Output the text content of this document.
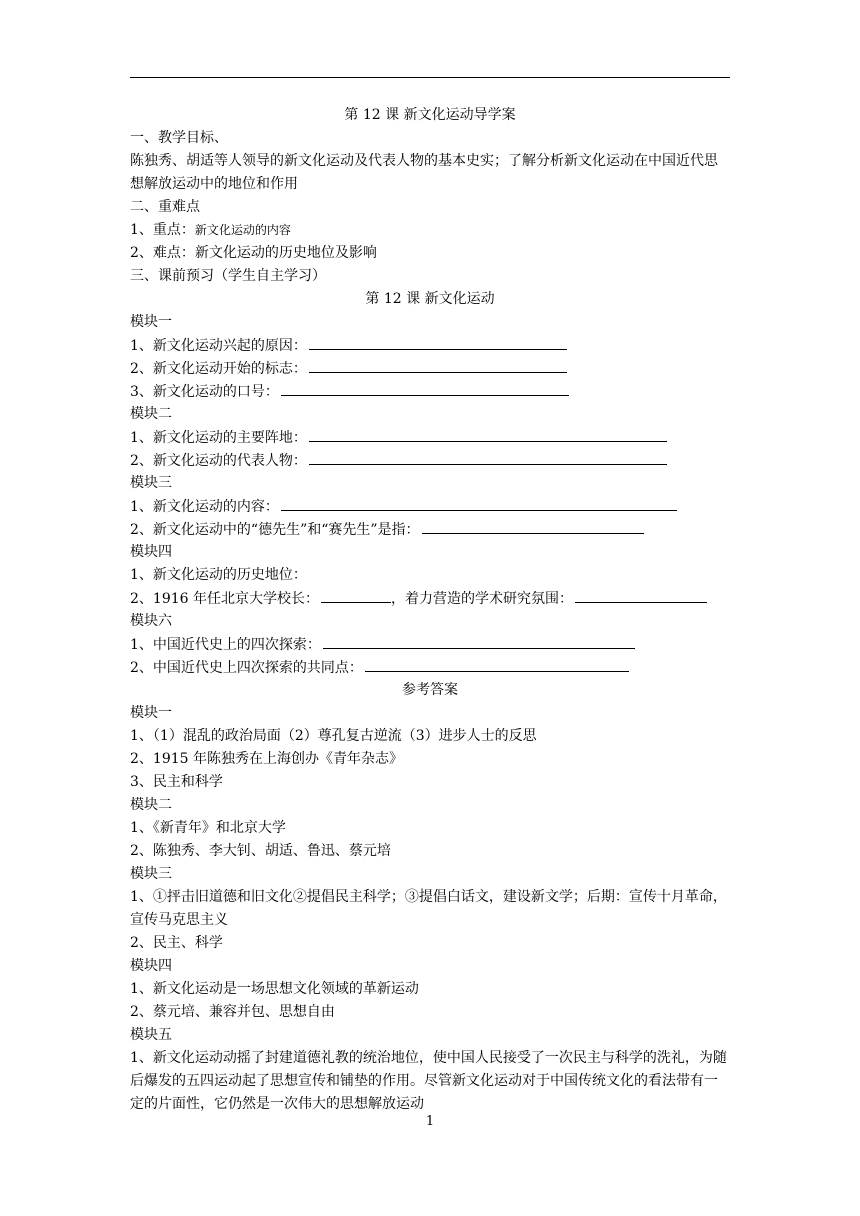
第 12 课 新文化运动导学案
一、教学目标、
陈独秀、胡适等人领导的新文化运动及代表人物的基本史实；了解分析新文化运动在中国近代思想解放运动中的地位和作用
二、重难点
1、重点：新文化运动的内容
2、难点：新文化运动的历史地位及影响
三、课前预习（学生自主学习）
第 12 课 新文化运动
模块一
1、新文化运动兴起的原因：
2、新文化运动开始的标志：
3、新文化运动的口号：
模块二
1、新文化运动的主要阵地：
2、新文化运动的代表人物：
模块三
1、新文化运动的内容：
2、新文化运动中的“德先生”和“赛先生”是指：
模块四
1、新文化运动的历史地位：
2、1916 年任北京大学校长：	，着力营造的学术研究氛围：
模块六
1、中国近代史上的四次探索：
2、中国近代史上四次探索的共同点：
参考答案
模块一
1、（1）混乱的政治局面（2）尊孔复古逆流（3）进步人士的反思
2、1915 年陈独秀在上海创办《青年杂志》
3、民主和科学
模块二
1、《新青年》和北京大学
2、陈独秀、李大钊、胡适、鲁迅、蔡元培
模块三
1、①抨击旧道德和旧文化②提倡民主科学；③提倡白话文，建设新文学；后期：宣传十月革命，宣传马克思主义
2、民主、科学
模块四
1、新文化运动是一场思想文化领域的革新运动
2、蔡元培、兼容并包、思想自由
模块五
1、新文化运动动摇了封建道德礼教的统治地位，使中国人民接受了一次民主与科学的洗礼，为随后爆发的五四运动起了思想宣传和铺垫的作用。尽管新文化运动对于中国传统文化的看法带有一定的片面性，它仍然是一次伟大的思想解放运动
1
